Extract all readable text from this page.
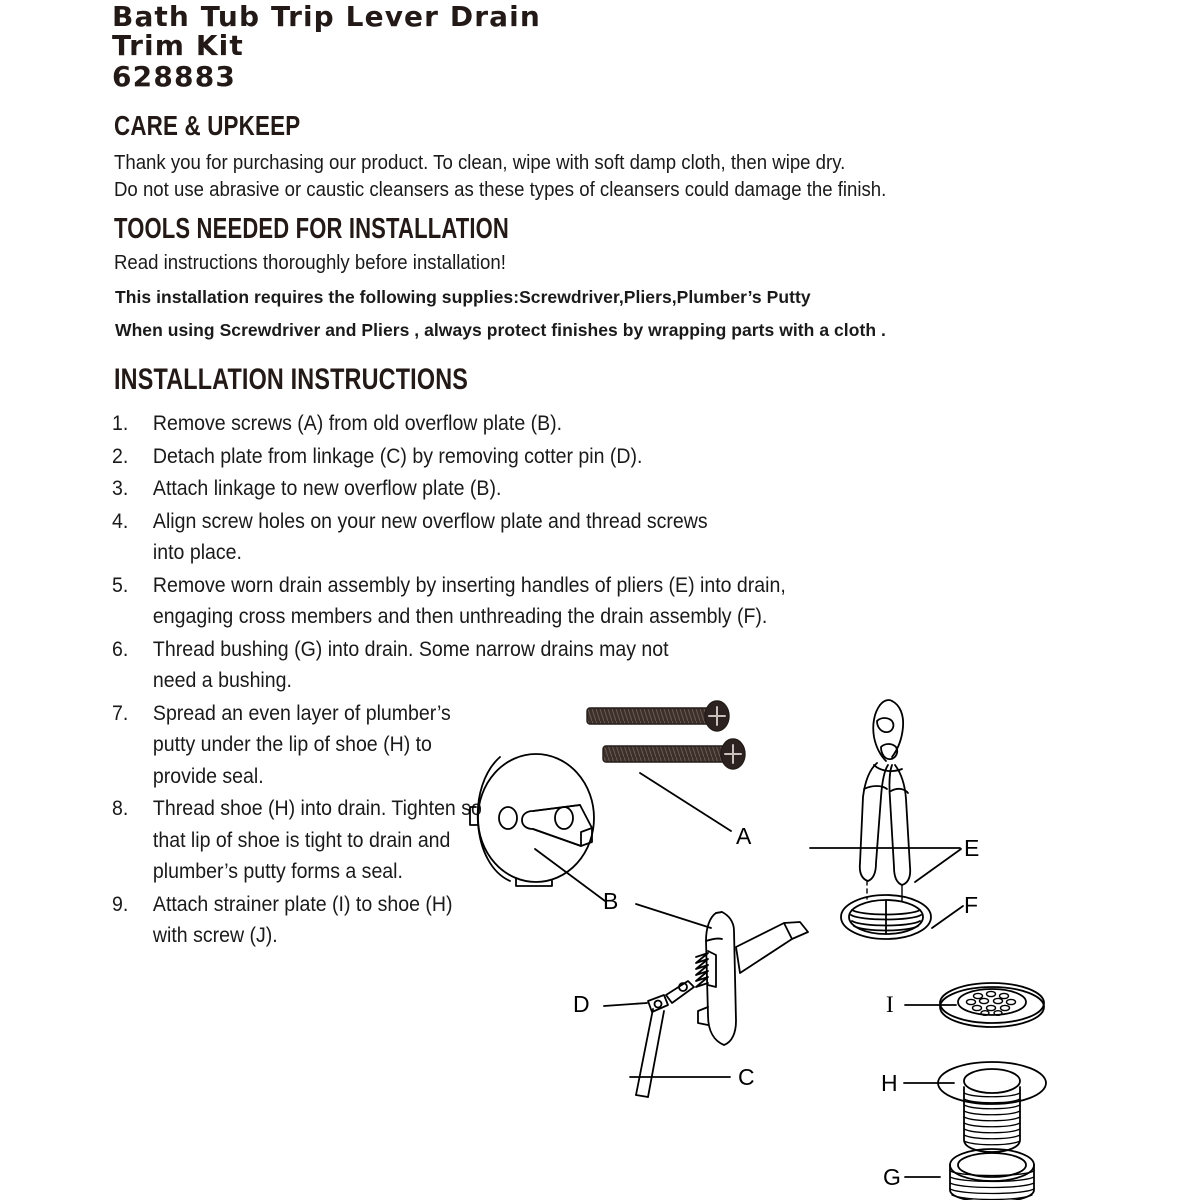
Bath Tub Trip Lever Drain
Trim Kit
628883
CARE & UPKEEP
Thank you for purchasing our product. To clean, wipe with soft damp cloth, then wipe dry.
Do not use abrasive or caustic cleansers as these types of cleansers could damage the finish.
TOOLS NEEDED FOR INSTALLATION
Read instructions thoroughly before installation!
This installation requires the following supplies:Screwdriver,Pliers,Plumber’s Putty
When using Screwdriver and Pliers , always protect finishes by wrapping parts with a cloth .
INSTALLATION INSTRUCTIONS
1.	Remove screws (A) from old overflow plate (B).
2.	Detach plate from linkage (C) by removing cotter pin (D).
3.	Attach linkage to new overflow plate (B).
4.	Align screw holes on your new overflow plate and thread screws into place.
5.	Remove worn drain assembly by inserting handles of pliers (E) into drain, engaging cross members and then unthreading the drain assembly (F).
6.	Thread bushing (G) into drain. Some narrow drains may not need a bushing.
7.	Spread an even layer of plumber’s putty under the lip of shoe (H) to provide seal.
8.	Thread shoe (H) into drain. Tighten so that lip of shoe is tight to drain and plumber’s putty forms a seal.
9.	Attach strainer plate (I) to shoe (H) with screw (J).
A
B
C
D
E
F
G
H
I
